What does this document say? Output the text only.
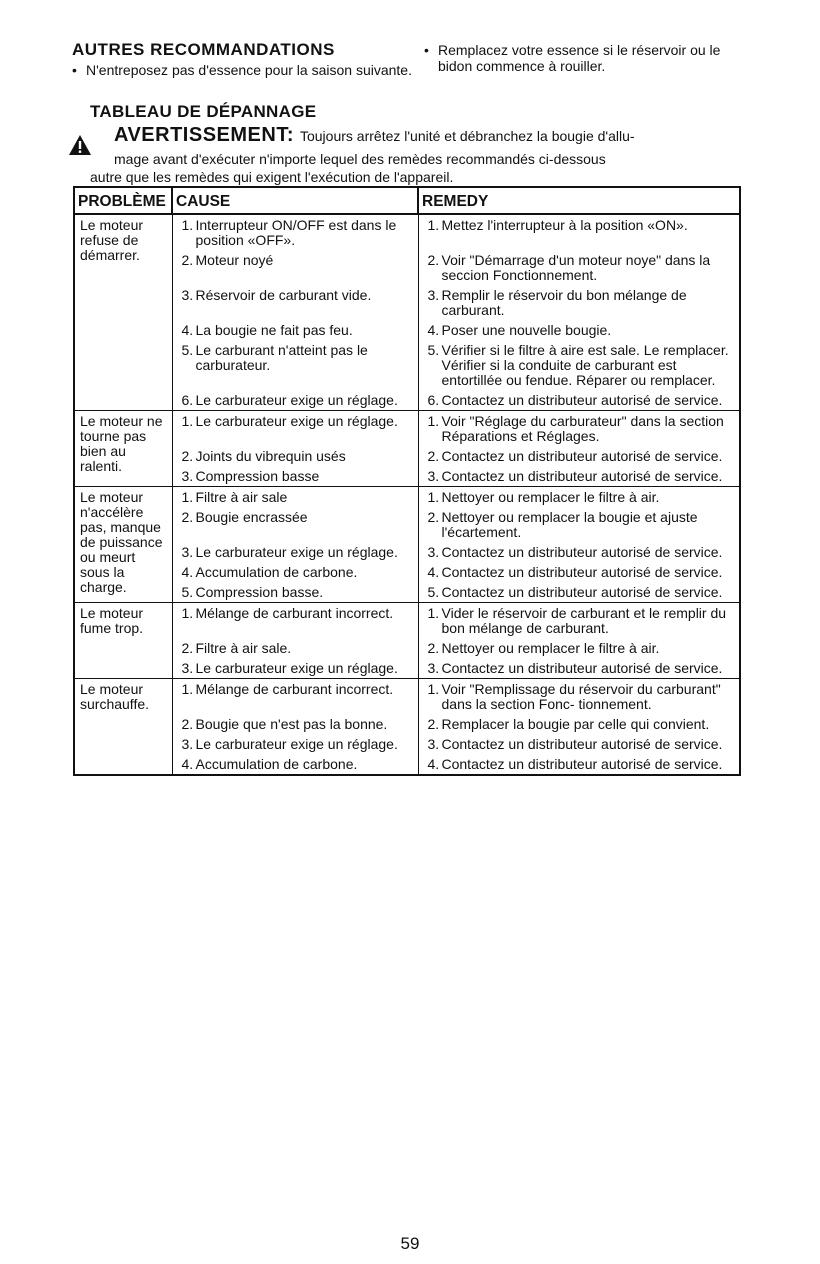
AUTRES RECOMMANDATIONS
• N'entreposez pas d'essence pour la saison suivante.
• Remplacez votre essence si le réservoir ou le bidon commence à rouiller.
TABLEAU DE DÉPANNAGE
AVERTISSEMENT: Toujours arrêtez l'unité et débranchez la bougie d'allu-
mage avant d'exécuter n'importe lequel des remèdes recommandés ci-dessous
autre que les remèdes qui exigent l'exécution de l'appareil.
PROBLÈME	CAUSE	REMEDY

Le moteur refuse de démarrer.	1. Interrupteur ON/OFF est dans le position «OFF».	1. Mettez l'interrupteur à la position «ON».

	2. Moteur noyé	2. Voir "Démarrage d'un moteur noye" dans la seccion Fonctionnement.

	3. Réservoir de carburant vide.	3. Remplir le réservoir du bon mélange de carburant.

	4. La bougie ne fait pas feu.	4. Poser une nouvelle bougie.

	5. Le carburant n'atteint pas le carburateur.	5. Vérifier si le filtre à aire est sale. Le remplacer. Vérifier si la conduite de carburant est entortillée ou fendue. Réparer ou remplacer.

	6. Le carburateur exige un réglage.	6. Contactez un distributeur autorisé de service.

Le moteur ne tourne pas bien au ralenti.	1. Le carburateur exige un réglage.	1. Voir "Réglage du carburateur" dans la section Réparations et Réglages.

	2. Joints du vibrequin usés	2. Contactez un distributeur autorisé de service.

	3. Compression basse	3. Contactez un distributeur autorisé de service.

Le moteur n'accélère pas, manque de puissance ou meurt sous la charge.	1. Filtre à air sale	1. Nettoyer ou remplacer le filtre à air.

	2. Bougie encrassée	2. Nettoyer ou remplacer la bougie et ajuste l'écartement.

	3. Le carburateur exige un réglage.	3. Contactez un distributeur autorisé de service.

	4. Accumulation de carbone.	4. Contactez un distributeur autorisé de service.

	5. Compression basse.	5. Contactez un distributeur autorisé de service.

Le moteur fume trop.	1. Mélange de carburant incorrect.	1. Vider le réservoir de carburant et le remplir du bon mélange de carburant.

	2. Filtre à air sale.	2. Nettoyer ou remplacer le filtre à air.

	3. Le carburateur exige un réglage.	3. Contactez un distributeur autorisé de service.

Le moteur surchauffe.	1. Mélange de carburant incorrect.	1. Voir "Remplissage du réservoir du carburant" dans la section Fonc- tionnement.

	2. Bougie que n'est pas la bonne.	2. Remplacer la bougie par celle qui convient.

	3. Le carburateur exige un réglage.	3. Contactez un distributeur autorisé de service.

	4. Accumulation de carbone.	4. Contactez un distributeur autorisé de service.
59
